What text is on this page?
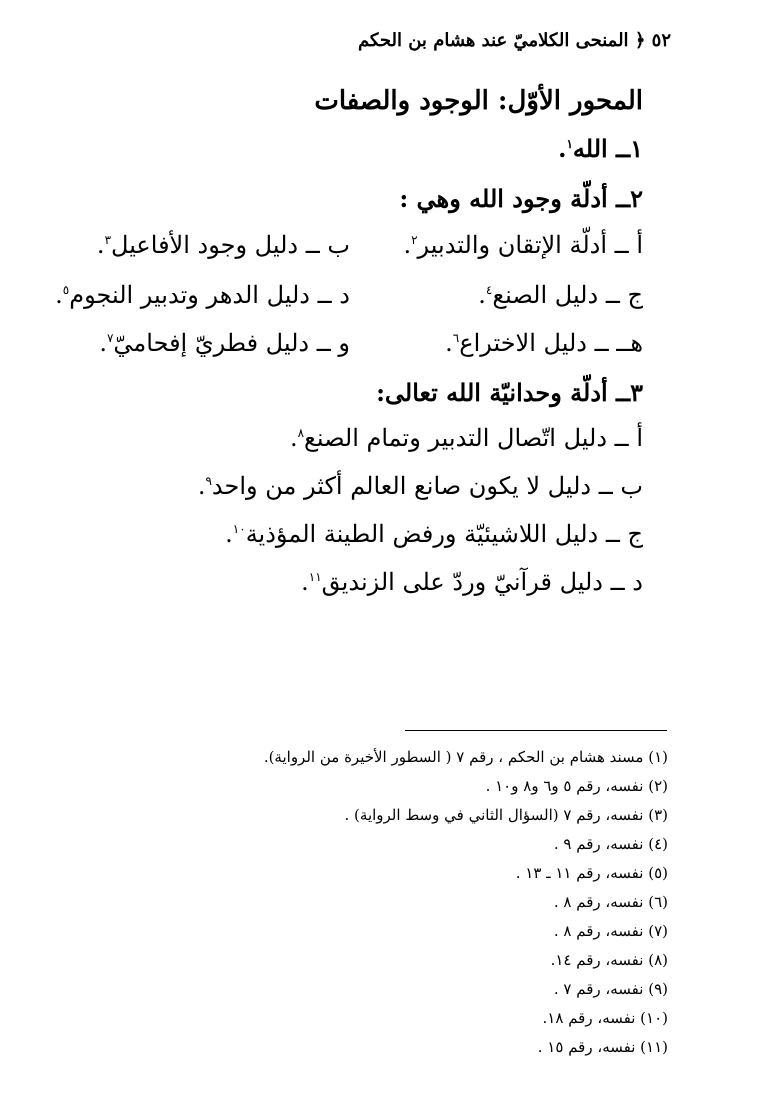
٥٢ ﴿ المنحى الكلاميّ عند هشام بن الحكم
المحور الأوّل: الوجود والصفات
١ــ الله$^١$.
٢ــ أدلّة وجود الله وهي :
أ ــ أدلّة الإتقان والتدبير$^٢$.
ج ــ دليل الصنع$^٤$.
هــ ــ دليل الاختراع$^٦$.
ب ــ دليل وجود الأفاعيل$^٣$.
د ــ دليل الدهر وتدبير النجوم$^٥$.
و ــ دليل فطريّ إفحاميّ$^٧$.
٣ــ أدلّة وحدانيّة الله تعالى:
أ ــ دليل اتّصال التدبير وتمام الصنع$^٨$.
ب ــ دليل لا يكون صانع العالم أكثر من واحد$^٩$.
ج ــ دليل اللاشيئيّة ورفض الطينة المؤذية$^{١٠}$.
د ــ دليل قرآنيّ وردّ على الزنديق$^{١١}$.
(١) مسند هشام بن الحكم ، رقم ٧ ( السطور الأخيرة من الرواية).
(٢) نفسه، رقم ٥ و٦ و٨ و١٠ .
(٣) نفسه، رقم ٧ (السؤال الثاني في وسط الرواية) .
(٤) نفسه، رقم ٩ .
(٥) نفسه، رقم ١١ ـ ١٣ .
(٦) نفسه، رقم ٨ .
(٧) نفسه، رقم ٨ .
(٨) نفسه، رقم ١٤.
(٩) نفسه، رقم ٧ .
(١٠) نفسه، رقم ١٨.
(١١) نفسه، رقم ١٥ .
